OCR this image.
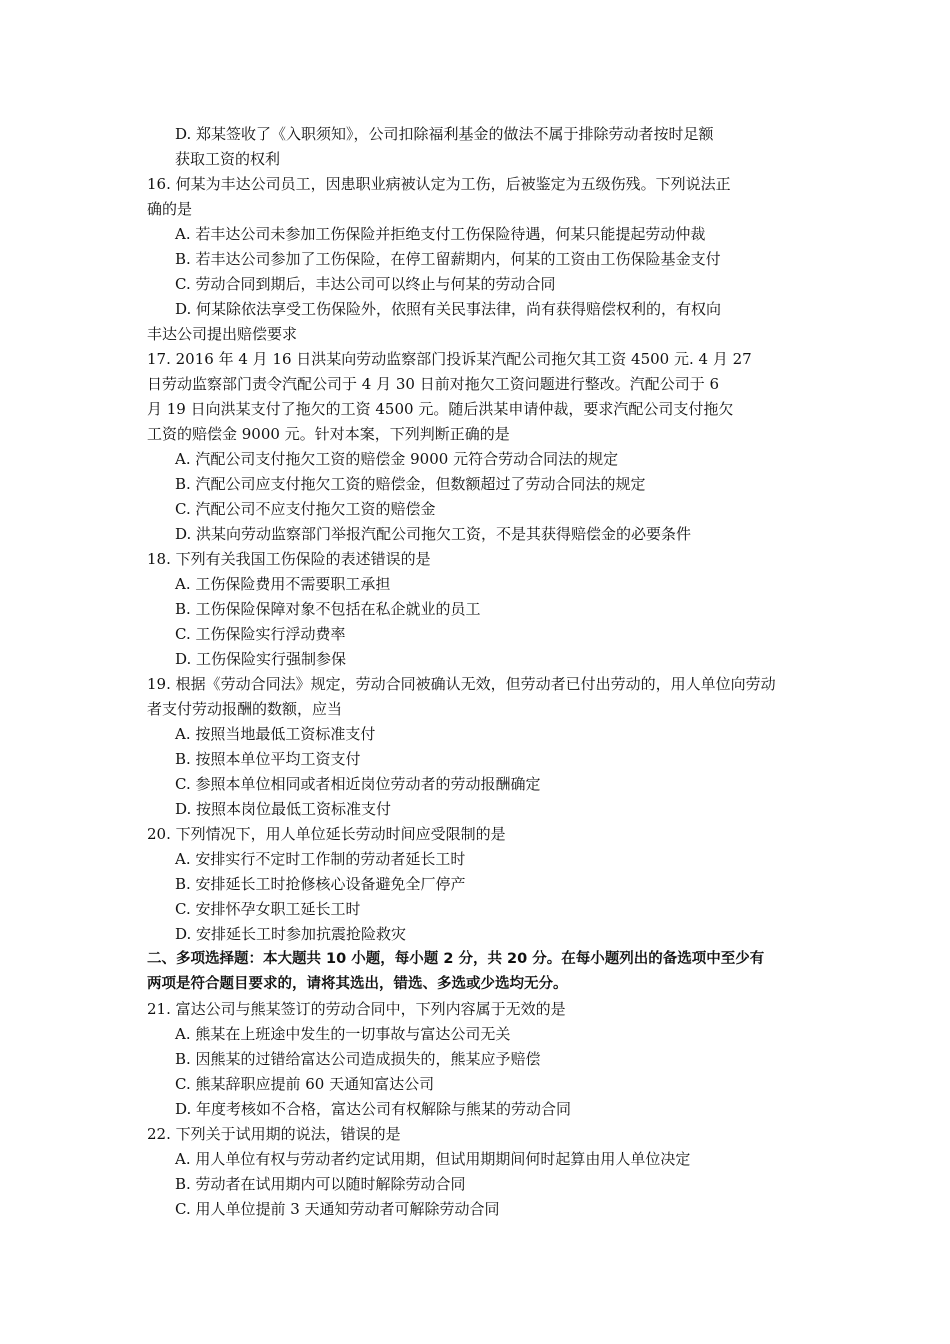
D. 郑某签收了《入职须知》，公司扣除福利基金的做法不属于排除劳动者按时足额
获取工资的权利
16. 何某为丰达公司员工，因患职业病被认定为工伤，后被鉴定为五级伤残。下列说法正
确的是
A. 若丰达公司未参加工伤保险并拒绝支付工伤保险待遇，何某只能提起劳动仲裁
B. 若丰达公司参加了工伤保险，在停工留薪期内，何某的工资由工伤保险基金支付
C. 劳动合同到期后，丰达公司可以终止与何某的劳动合同
D. 何某除依法享受工伤保险外，依照有关民事法律，尚有获得赔偿权利的，有权向
丰达公司提出赔偿要求
17. 2016 年 4 月 16 日洪某向劳动监察部门投诉某汽配公司拖欠其工资 4500 元. 4 月 27
日劳动监察部门责令汽配公司于 4 月 30 日前对拖欠工资问题进行整改。汽配公司于 6
月 19 日向洪某支付了拖欠的工资 4500 元。随后洪某申请仲裁，要求汽配公司支付拖欠
工资的赔偿金 9000 元。针对本案，下列判断正确的是
A. 汽配公司支付拖欠工资的赔偿金 9000 元符合劳动合同法的规定
B. 汽配公司应支付拖欠工资的赔偿金，但数额超过了劳动合同法的规定
C. 汽配公司不应支付拖欠工资的赔偿金
D. 洪某向劳动监察部门举报汽配公司拖欠工资，不是其获得赔偿金的必要条件
18. 下列有关我国工伤保险的表述错误的是
A. 工伤保险费用不需要职工承担
B. 工伤保险保障对象不包括在私企就业的员工
C. 工伤保险实行浮动费率
D. 工伤保险实行强制参保
19. 根据《劳动合同法》规定，劳动合同被确认无效，但劳动者已付出劳动的，用人单位向劳动
者支付劳动报酬的数额，应当
A. 按照当地最低工资标准支付
B. 按照本单位平均工资支付
C. 参照本单位相同或者相近岗位劳动者的劳动报酬确定
D. 按照本岗位最低工资标准支付
20. 下列情况下，用人单位延长劳动时间应受限制的是
A. 安排实行不定时工作制的劳动者延长工时
B. 安排延长工时抢修核心设备避免全厂停产
C. 安排怀孕女职工延长工时
D. 安排延长工时参加抗震抢险救灾
二、多项选择题：本大题共 10 小题，每小题 2 分，共 20 分。在每小题列出的备选项中至少有
两项是符合题目要求的，请将其选出，错选、多选或少选均无分。
21. 富达公司与熊某签订的劳动合同中，下列内容属于无效的是
A. 熊某在上班途中发生的一切事故与富达公司无关
B. 因熊某的过错给富达公司造成损失的，熊某应予赔偿
C. 熊某辞职应提前 60 天通知富达公司
D. 年度考核如不合格，富达公司有权解除与熊某的劳动合同
22. 下列关于试用期的说法，错误的是
A. 用人单位有权与劳动者约定试用期，但试用期期间何时起算由用人单位决定
B. 劳动者在试用期内可以随时解除劳动合同
C. 用人单位提前 3 天通知劳动者可解除劳动合同
